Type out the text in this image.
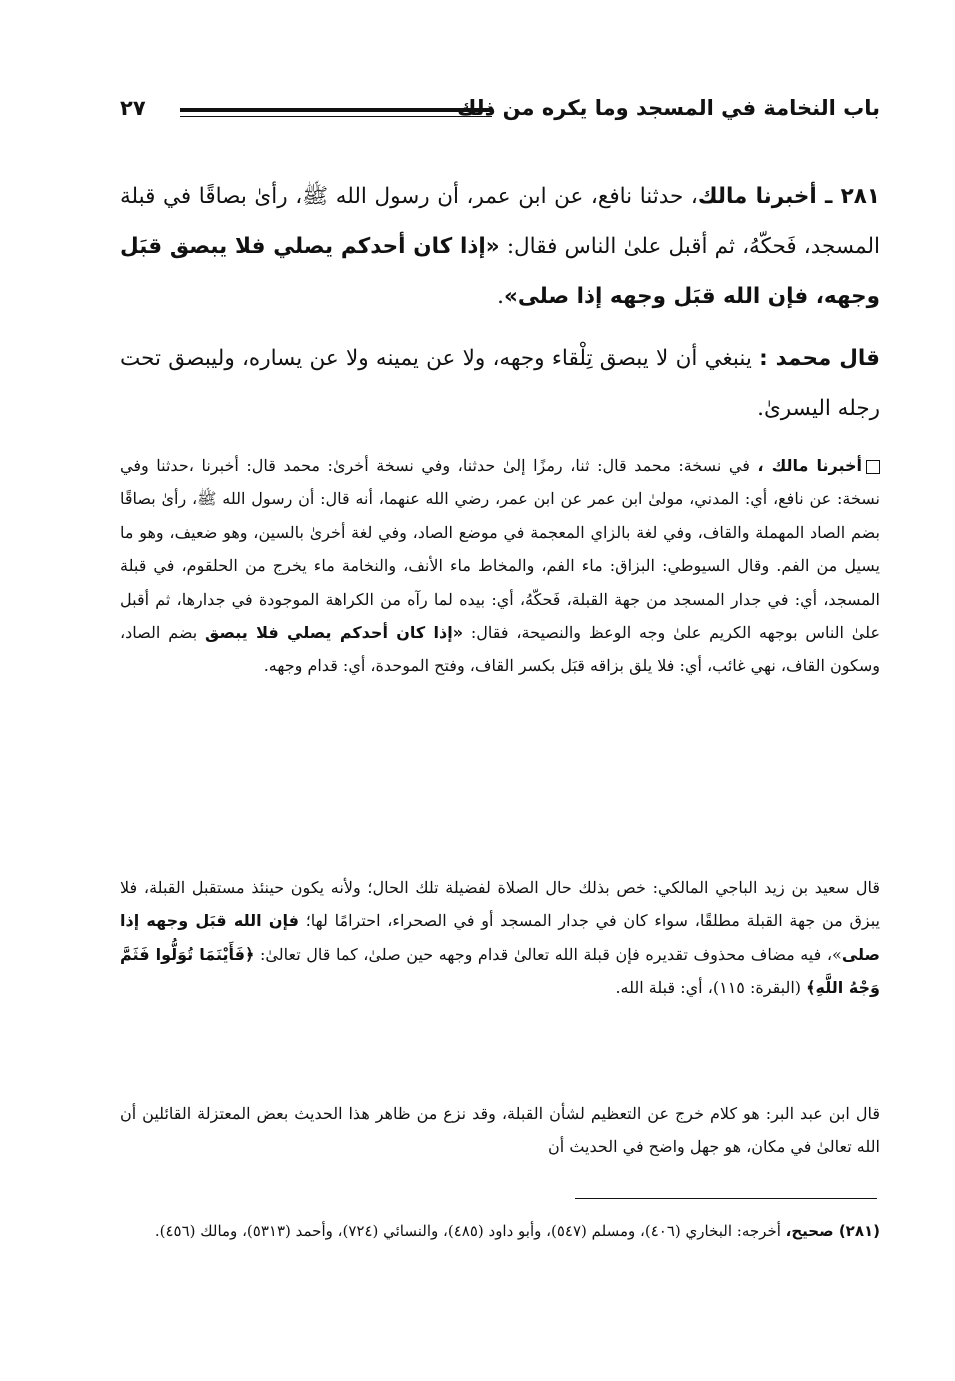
باب النخامة في المسجد وما يكره من ذلك
٢٧

٢٨١ ـ أخبرنا مالك، حدثنا نافع، عن ابن عمر، أن رسول الله ﷺ، رأىٰ بصاقًا في قبلة المسجد، فَحكّهُ، ثم أقبل علىٰ الناس فقال: «إذا كان أحدكم يصلي فلا يبصق قبَل وجهه، فإن الله قبَل وجهه إذا صلى».

قال محمد : ينبغي أن لا يبصق تِلْقاء وجهه، ولا عن يمينه ولا عن يساره، وليبصق تحت رجله اليسرىٰ.

أخبرنا مالك ، في نسخة: محمد قال: ثنا، رمزًا إلىٰ حدثنا، وفي نسخة أخرىٰ: محمد قال: أخبرنا ،حدثنا وفي نسخة: عن نافع، أي: المدني، مولىٰ ابن عمر عن ابن عمر، رضي الله عنهما، أنه قال: أن رسول الله ﷺ، رأىٰ بصاقًا بضم الصاد المهملة والقاف، وفي لغة بالزاي المعجمة في موضع الصاد، وفي لغة أخرىٰ بالسين، وهو ضعيف، وهو ما يسيل من الفم. وقال السيوطي: البزاق: ماء الفم، والمخاط ماء الأنف، والنخامة ماء يخرج من الحلقوم، في قبلة المسجد، أي: في جدار المسجد من جهة القبلة، فَحكّهُ، أي: بيده لما رآه من الكراهة الموجودة في جدارها، ثم أقبل علىٰ الناس بوجهه الكريم علىٰ وجه الوعظ والنصيحة، فقال: «إذا كان أحدكم يصلي فلا يبصق بضم الصاد، وسكون القاف، نهي غائب، أي: فلا يلق بزاقه قبَل بكسر القاف، وفتح الموحدة، أي: قدام وجهه.

قال سعيد بن زيد الباجي المالكي: خص بذلك حال الصلاة لفضيلة تلك الحال؛ ولأنه يكون حينئذ مستقبل القبلة، فلا يبزق من جهة القبلة مطلقًا، سواء كان في جدار المسجد أو في الصحراء، احترامًا لها؛ فإن الله قبَل وجهه إذا صلى»، فيه مضاف محذوف تقديره فإن قبلة الله تعالىٰ قدام وجهه حين صلىٰ، كما قال تعالىٰ: ﴿فَأَيْنَمَا تُوَلُّوا فَثَمَّ وَجْهُ اللَّهِ﴾ (البقرة: ١١٥)، أي: قبلة الله.

قال ابن عبد البر: هو كلام خرج عن التعظيم لشأن القبلة، وقد نزع من ظاهر هذا الحديث بعض المعتزلة القائلين أن الله تعالىٰ في مكان، هو جهل واضح في الحديث أن

(٢٨١) صحيح، أخرجه: البخاري (٤٠٦)، ومسلم (٥٤٧)، وأبو داود (٤٨٥)، والنسائي (٧٢٤)، وأحمد (٥٣١٣)، ومالك (٤٥٦).
